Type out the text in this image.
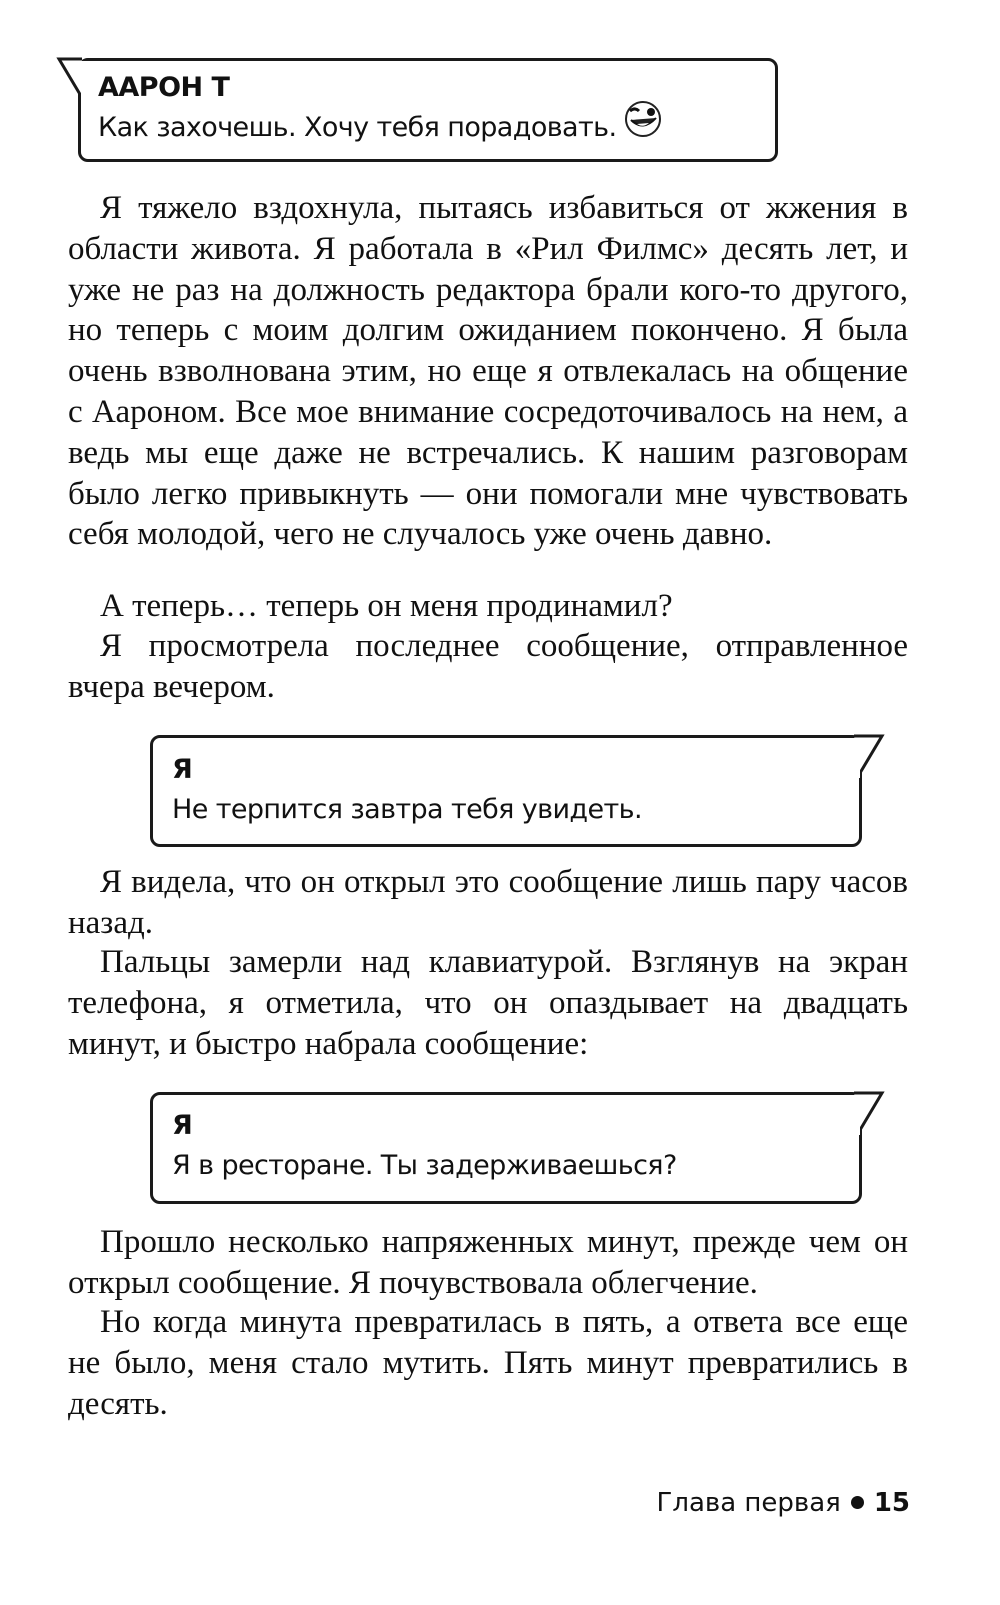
ААРОН Т
Как захочешь. Хочу тебя порадовать.

Я тяжело вздохнула, пытаясь избавиться от жжения в области живота. Я работала в «Рил Филмс» десять лет, и уже не раз на должность редактора брали кого-то другого, но теперь с моим долгим ожиданием покончено. Я была очень взволнована этим, но еще я отвлекалась на общение с Аароном. Все мое внимание сосредоточивалось на нем, а ведь мы еще даже не встречались. К нашим разговорам было легко привыкнуть — они помогали мне чувствовать себя молодой, чего не случалось уже очень давно.

А теперь… теперь он меня продинамил?

Я просмотрела последнее сообщение, отправленное вчера вечером.

Я
Не терпится завтра тебя увидеть.

Я видела, что он открыл это сообщение лишь пару часов назад.

Пальцы замерли над клавиатурой. Взглянув на экран телефона, я отметила, что он опаздывает на двадцать минут, и быстро набрала сообщение:

Я
Я в ресторане. Ты задерживаешься?

Прошло несколько напряженных минут, прежде чем он открыл сообщение. Я почувствовала облегчение.

Но когда минута превратилась в пять, а ответа все еще не было, меня стало мутить. Пять минут превратились в десять.

Глава первая 15
